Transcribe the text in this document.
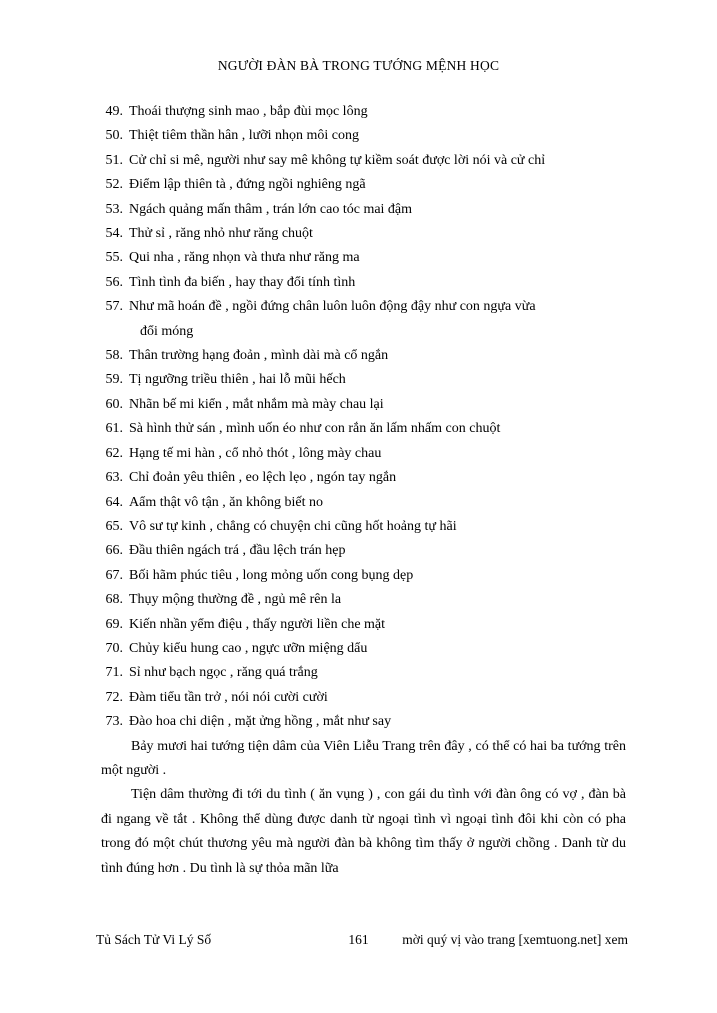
NGƯỜI ĐÀN BÀ TRONG TƯỚNG MỆNH HỌC
49. Thoái thượng sinh mao , bắp đùi mọc lông
50. Thiệt tiêm thần hân , lưỡi nhọn môi cong
51. Cử chỉ si mê, người như say mê không tự kiềm soát được lời nói và cử chỉ
52. Điểm lập thiên tà , đứng ngồi nghiêng ngã
53. Ngách quảng mấn thâm , trán lớn cao tóc mai đậm
54. Thử sỉ , răng nhỏ như răng chuột
55. Qui nha , răng nhọn và thưa như răng ma
56. Tình tình đa biến , hay thay đổi tính tình
57. Như mã hoán đề , ngồi đứng chân luôn luôn động đậy như con ngựa vừa
đổi móng
58. Thân trường hạng đoản , mình dài mà cổ ngắn
59. Tị ngưỡng triều thiên , hai lỗ mũi hếch
60. Nhãn bế mi kiển , mắt nhắm mà mày chau lại
61. Sà hình thử sán , mình uốn éo như con rắn ăn lấm nhấm con chuột
62. Hạng tế mi hàn , cổ nhỏ thót , lông mày chau
63. Chỉ đoản yêu thiên , eo lệch lẹo , ngón tay ngắn
64. Aẩm thật vô tận , ăn không biết no
65. Vô sư tự kinh , chẳng có chuyện chi cũng hốt hoảng tự hãi
66. Đầu thiên ngách trá , đầu lệch trán hẹp
67. Bối hãm phúc tiêu , long mỏng uốn cong bụng dẹp
68. Thụy mộng thường đề , ngủ mê rên la
69. Kiến nhần yểm điệu , thấy người liền che mặt
70. Chủy kiểu hung cao , ngực ưỡn miệng dẩu
71. Sỉ như bạch ngọc , răng quá trắng
72. Đàm tiểu tần trở , nói nói cười cười
73. Đào hoa chi diện , mặt ửng hồng , mắt như say

Bảy mươi hai tướng tiện dâm của Viên Liễu Trang trên đây , có thể có hai ba tướng trên một người .

Tiện dâm thường đi tới du tình ( ăn vụng ) , con gái du tình với đàn ông có vợ , đàn bà đi ngang về tắt . Không thể dùng được danh từ ngoại tình vì ngoại tình đôi khi còn có pha trong đó một chút thương yêu mà người đàn bà không tìm thấy ở người chồng . Danh từ du tình đúng hơn . Du tình là sự thỏa mãn lữa

Tủ Sách Tử Vi Lý Số	161	mời quý vị vào trang [xemtuong.net] xem
